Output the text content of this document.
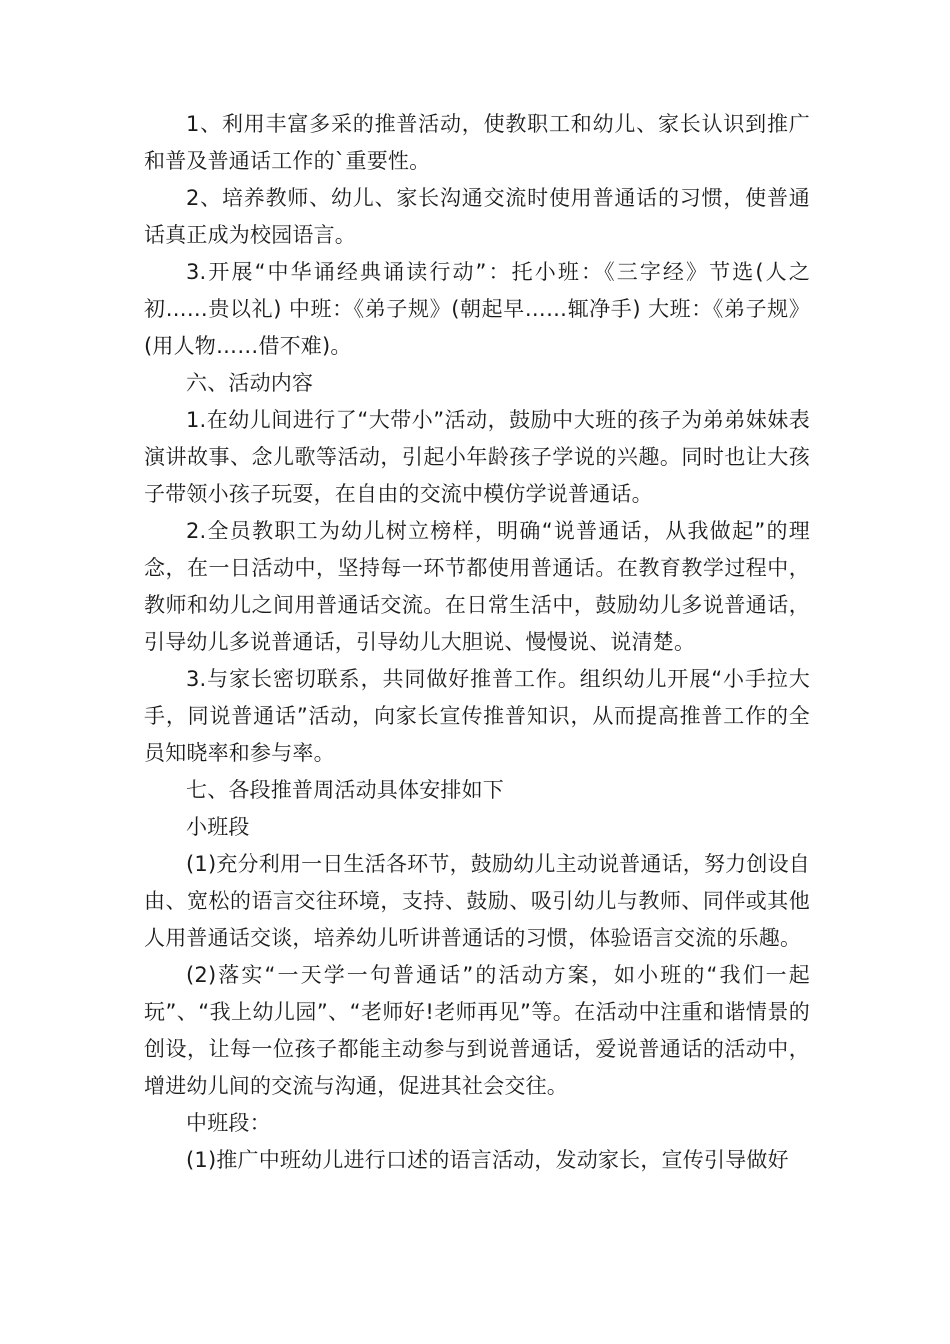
1、利用丰富多采的推普活动，使教职工和幼儿、家长认识到推广和普及普通话工作的`重要性。

2、培养教师、幼儿、家长沟通交流时使用普通话的习惯，使普通话真正成为校园语言。

3.开展“中华诵经典诵读行动”：托小班：《三字经》节选(人之初……贵以礼) 中班：《弟子规》(朝起早……辄净手) 大班：《弟子规》(用人物……借不难)。

六、活动内容

1.在幼儿间进行了“大带小”活动，鼓励中大班的孩子为弟弟妹妹表演讲故事、念儿歌等活动，引起小年龄孩子学说的兴趣。同时也让大孩子带领小孩子玩耍，在自由的交流中模仿学说普通话。

2.全员教职工为幼儿树立榜样，明确“说普通话，从我做起”的理念，在一日活动中，坚持每一环节都使用普通话。在教育教学过程中，教师和幼儿之间用普通话交流。在日常生活中，鼓励幼儿多说普通话，引导幼儿多说普通话，引导幼儿大胆说、慢慢说、说清楚。

3.与家长密切联系，共同做好推普工作。组织幼儿开展“小手拉大手，同说普通话”活动，向家长宣传推普知识，从而提高推普工作的全员知晓率和参与率。

七、各段推普周活动具体安排如下

小班段

(1)充分利用一日生活各环节，鼓励幼儿主动说普通话，努力创设自由、宽松的语言交往环境，支持、鼓励、吸引幼儿与教师、同伴或其他人用普通话交谈，培养幼儿听讲普通话的习惯，体验语言交流的乐趣。

(2)落实“一天学一句普通话”的活动方案，如小班的“我们一起玩”、“我上幼儿园”、“老师好!老师再见”等。在活动中注重和谐情景的创设，让每一位孩子都能主动参与到说普通话，爱说普通话的活动中，增进幼儿间的交流与沟通，促进其社会交往。

中班段：

(1)推广中班幼儿进行口述的语言活动，发动家长，宣传引导做好
